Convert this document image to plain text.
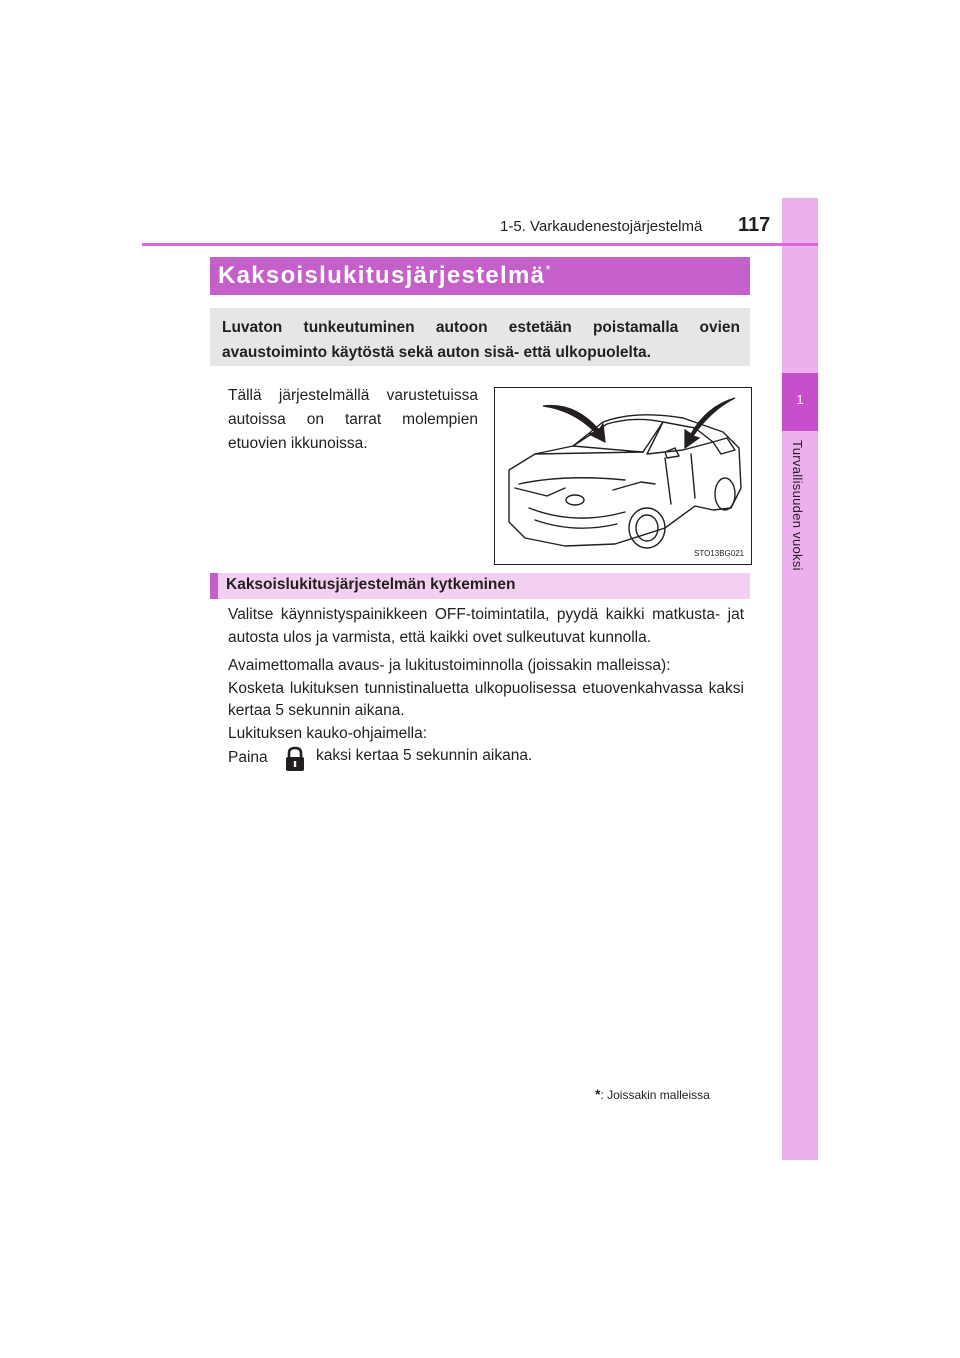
1
Turvallisuuden vuoksi
1-5. Varkaudenestojärjestelmä 117
Kaksoislukitusjärjestelmä*
Luvaton tunkeutuminen autoon estetään poistamalla ovien avaustoiminto käytöstä sekä auton sisä- että ulkopuolelta.
Tällä järjestelmällä varustetuissa autoissa on tarrat molempien etuovien ikkunoissa.
STO13BG021
Kaksoislukitusjärjestelmän kytkeminen
Valitse käynnistyspainikkeen OFF-toimintatila, pyydä kaikki matkusta- jat autosta ulos ja varmista, että kaikki ovet sulkeutuvat kunnolla.
Avaimettomalla avaus- ja lukitustoiminnolla (joissakin malleissa):
Kosketa lukituksen tunnistinaluetta ulkopuolisessa etuovenkahvassa kaksi kertaa 5 sekunnin aikana.
Lukituksen kauko-ohjaimella:
Paina	kaksi kertaa 5 sekunnin aikana.
*: Joissakin malleissa
